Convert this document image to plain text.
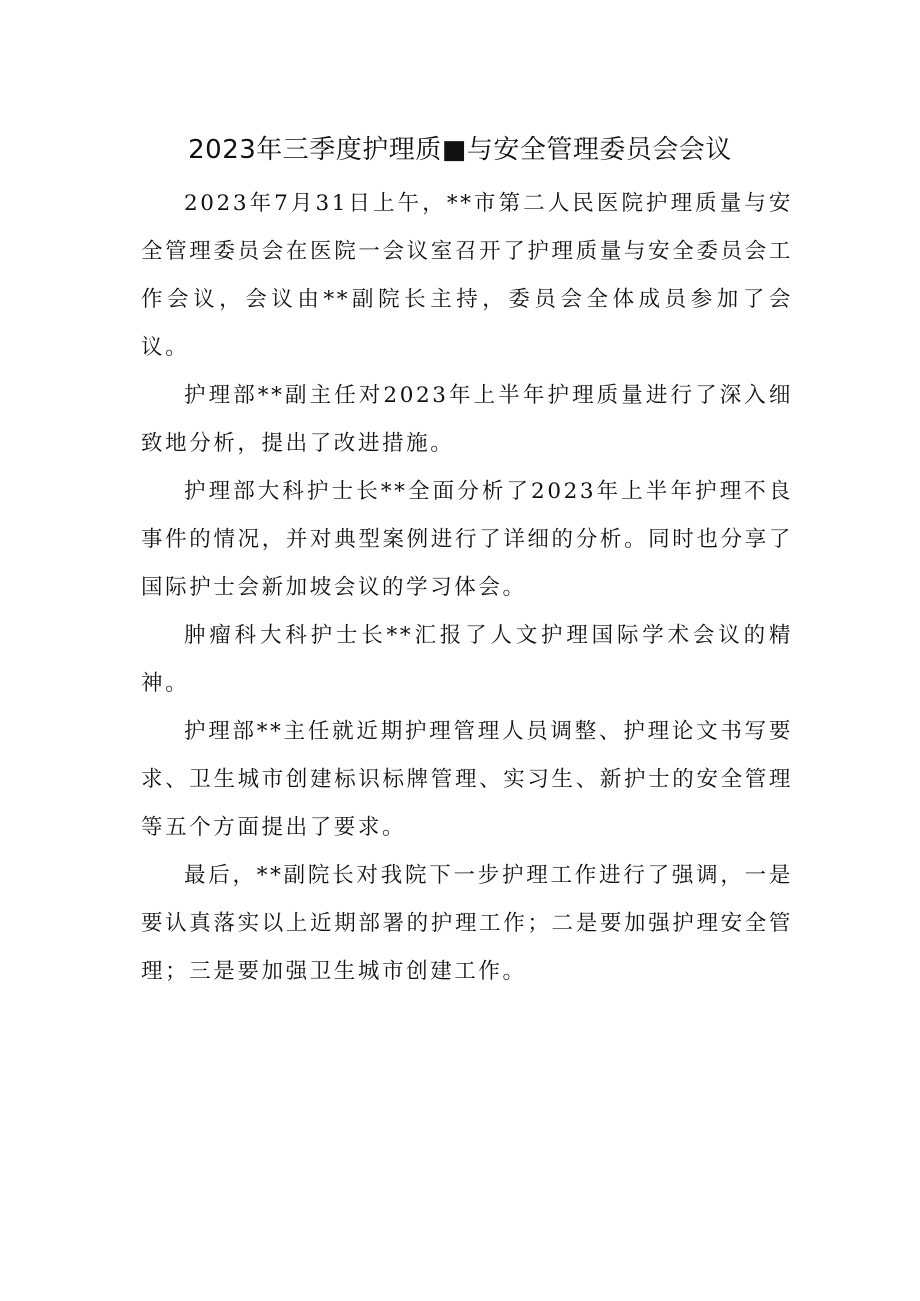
2023年三季度护理质■与安全管理委员会会议

2023年7月31日上午，**市第二人民医院护理质量与安全管理委员会在医院一会议室召开了护理质量与安全委员会工作会议，会议由**副院长主持，委员会全体成员参加了会议。

护理部**副主任对2023年上半年护理质量进行了深入细致地分析，提出了改进措施。

护理部大科护士长**全面分析了2023年上半年护理不良事件的情况，并对典型案例进行了详细的分析。同时也分享了国际护士会新加坡会议的学习体会。

肿瘤科大科护士长**汇报了人文护理国际学术会议的精神。

护理部**主任就近期护理管理人员调整、护理论文书写要求、卫生城市创建标识标牌管理、实习生、新护士的安全管理等五个方面提出了要求。

最后，**副院长对我院下一步护理工作进行了强调，一是要认真落实以上近期部署的护理工作；二是要加强护理安全管理；三是要加强卫生城市创建工作。
